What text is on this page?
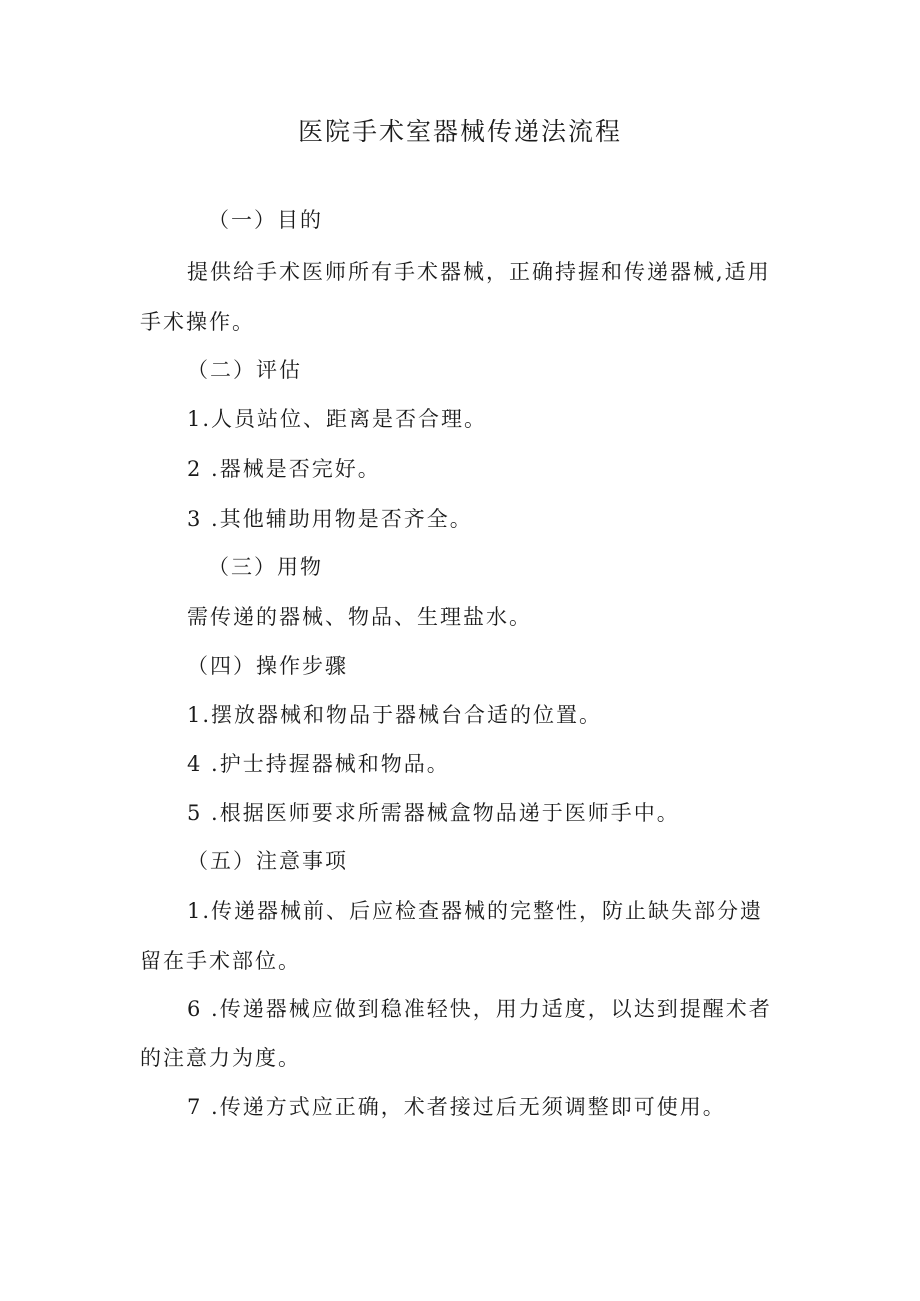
医院手术室器械传递法流程
（一）目的
提供给手术医师所有手术器械，正确持握和传递器械,适用
手术操作。
（二）评估
1.人员站位、距离是否合理。
2 .器械是否完好。
3 .其他辅助用物是否齐全。
（三）用物
需传递的器械、物品、生理盐水。
（四）操作步骤
1.摆放器械和物品于器械台合适的位置。
4 .护士持握器械和物品。
5 .根据医师要求所需器械盒物品递于医师手中。
（五）注意事项
1.传递器械前、后应检查器械的完整性，防止缺失部分遗
留在手术部位。
6 .传递器械应做到稳准轻快，用力适度，以达到提醒术者
的注意力为度。
7 .传递方式应正确，术者接过后无须调整即可使用。
